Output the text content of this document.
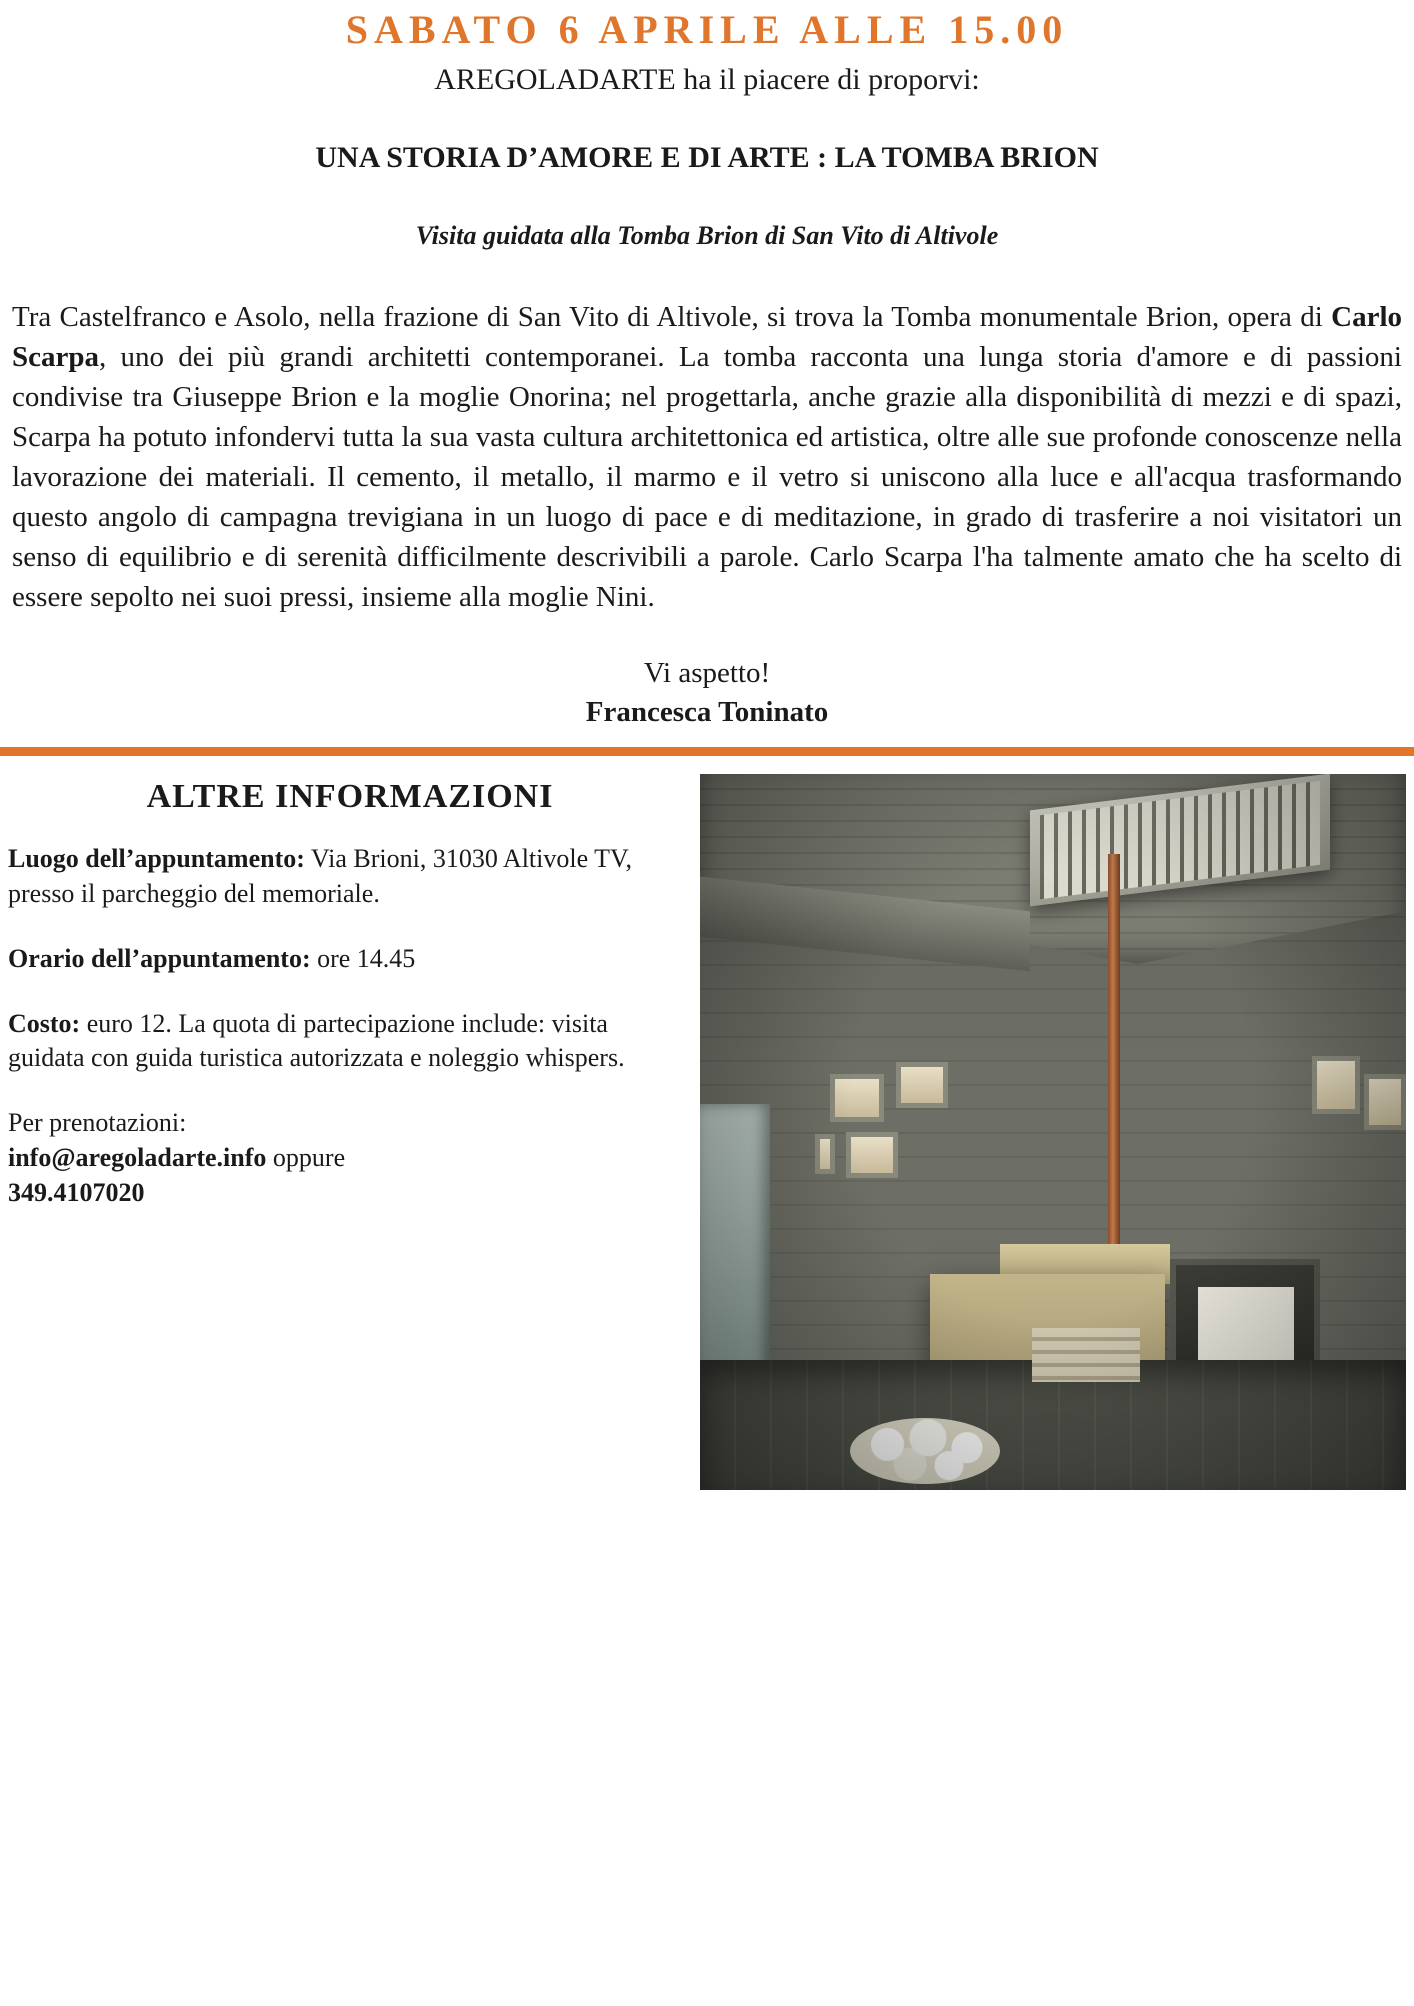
SABATO 6 APRILE ALLE 15.00
AREGOLADARTE ha il piacere di proporvi:
UNA STORIA D’AMORE E DI ARTE : LA TOMBA BRION
Visita guidata alla Tomba Brion di San Vito di Altivole

Tra Castelfranco e Asolo, nella frazione di San Vito di Altivole, si trova la Tomba monumentale Brion, opera di Carlo Scarpa, uno dei più grandi architetti contemporanei. La tomba racconta una lunga storia d'amore e di passioni condivise tra Giuseppe Brion e la moglie Onorina; nel progettarla, anche grazie alla disponibilità di mezzi e di spazi, Scarpa ha potuto infondervi tutta la sua vasta cultura architettonica ed artistica, oltre alle sue profonde conoscenze nella lavorazione dei materiali. Il cemento, il metallo, il marmo e il vetro si uniscono alla luce e all'acqua trasformando questo angolo di campagna trevigiana in un luogo di pace e di meditazione, in grado di trasferire a noi visitatori un senso di equilibrio e di serenità difficilmente descrivibili a parole. Carlo Scarpa l'ha talmente amato che ha scelto di essere sepolto nei suoi pressi, insieme alla moglie Nini.

Vi aspetto!
Francesca Toninato
ALTRE INFORMAZIONI
Luogo dell’appuntamento: Via Brioni, 31030 Altivole TV, presso il parcheggio del memoriale.
Orario dell’appuntamento: ore 14.45
Costo: euro 12. La quota di partecipazione include: visita guidata con guida turistica autorizzata e noleggio whispers.
Per prenotazioni:
info@aregoladarte.info oppure
349.4107020
